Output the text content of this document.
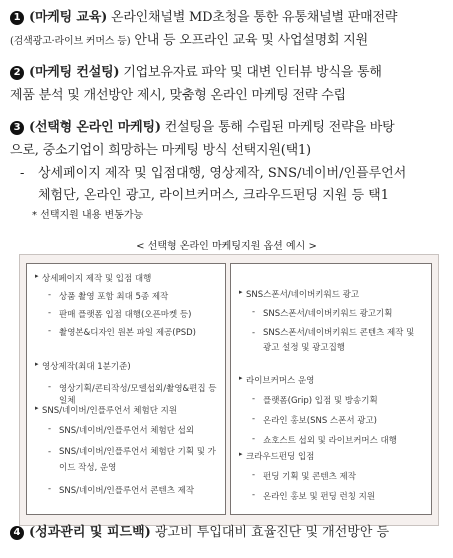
1 (마케팅 교육) 온라인채널별 MD초청을 통한 유통채널별 판매전략
(검색광고·라이브 커머스 등) 안내 등 오프라인 교육 및 사업설명회 지원
2 (마케팅 컨설팅) 기업보유자료 파악 및 대변 인터뷰 방식을 통해
제품 분석 및 개선방안 제시, 맞춤형 온라인 마케팅 전략 수립
3 (선택형 온라인 마케팅) 컨설팅을 통해 수립된 마케팅 전략을 바탕
으로, 중소기업이 희망하는 마케팅 방식 선택지원(택1)
-	상세페이지 제작 및 입점대행, 영상제작, SNS/네이버/인플루언서
체험단, 온라인 광고, 라이브커머스, 크라우드펀딩 지원 등 택1
* 선택지원 내용 변동가능
< 선택형 온라인 마케팅지원 옵션 예시 >
▸ 상세페이지 제작 및 입점 대행
- 상품 촬영 포함 최대 5종 제작
- 판매 플랫폼 입점 대행(오픈마켓 등)
- 촬영본&디자인 원본 파일 제공(PSD)
▸ 영상제작(최대 1분기준)
- 영상기획/콘티작성/모델섭외/촬영&편집 등 일체
▸ SNS/네이버/인플루언서 체험단 지원
- SNS/네이버/인플루언서 체험단 섭외
- SNS/네이버/인플루언서 체험단 기획 및 가이드 작성, 운영
- SNS/네이버/인플루언서 콘텐츠 제작
▸ SNS스폰서/네이버키워드 광고
- SNS스폰서/네이버키워드 광고기획
- SNS스폰서/네이버키워드 콘텐츠 제작 및 광고 설정 및 광고집행
▸ 라이브커머스 운영
- 플랫폼(Grip) 입점 및 방송기획
- 온라인 홍보(SNS 스폰서 광고)
- 쇼호스트 섭외 및 라이브커머스 대행
▸ 크라우드펀딩 입점
- 펀딩 기획 및 콘텐츠 제작
- 온라인 홍보 및 펀딩 런칭 지원
4 (성과관리 및 피드백) 광고비 투입대비 효율진단 및 개선방안 등
